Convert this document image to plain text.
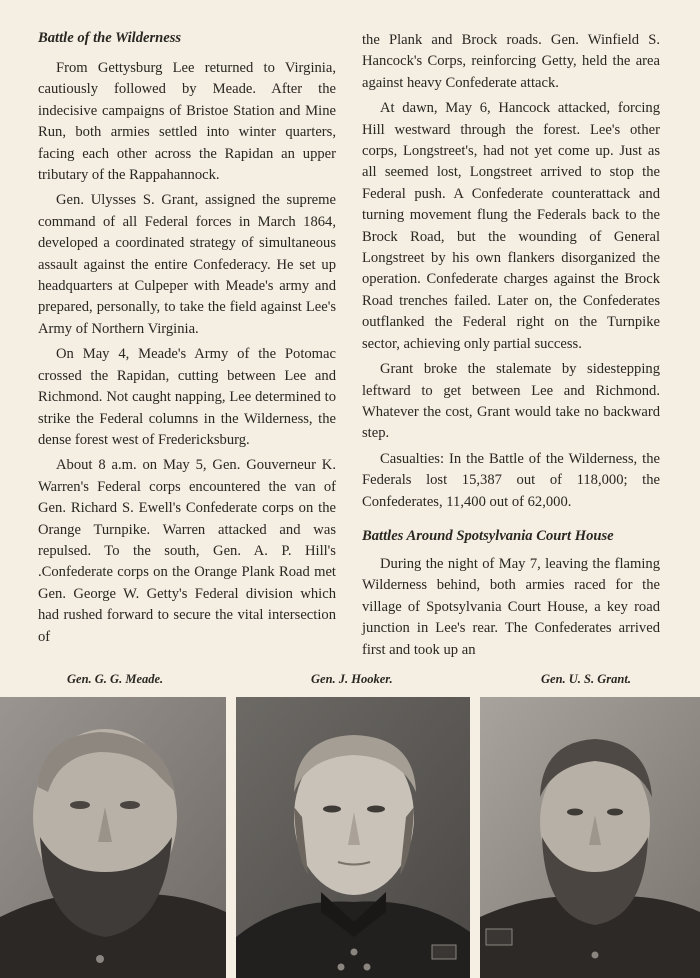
Battle of the Wilderness

From Gettysburg Lee returned to Virginia, cautiously followed by Meade. After the indecisive campaigns of Bristoe Station and Mine Run, both armies settled into winter quarters, facing each other across the Rapidan an upper tributary of the Rappahannock.

Gen. Ulysses S. Grant, assigned the supreme command of all Federal forces in March 1864, developed a coordinated strategy of simultaneous assault against the entire Confederacy. He set up headquarters at Culpeper with Meade's army and prepared, personally, to take the field against Lee's Army of Northern Virginia.

On May 4, Meade's Army of the Potomac crossed the Rapidan, cutting between Lee and Richmond. Not caught napping, Lee determined to strike the Federal columns in the Wilderness, the dense forest west of Fredericksburg.

About 8 a.m. on May 5, Gen. Gouverneur K. Warren's Federal corps encountered the van of Gen. Richard S. Ewell's Confederate corps on the Orange Turnpike. Warren attacked and was repulsed. To the south, Gen. A. P. Hill's .Confederate corps on the Orange Plank Road met Gen. George W. Getty's Federal division which had rushed forward to secure the vital intersection of

the Plank and Brock roads. Gen. Winfield S. Hancock's Corps, reinforcing Getty, held the area against heavy Confederate attack.

At dawn, May 6, Hancock attacked, forcing Hill westward through the forest. Lee's other corps, Longstreet's, had not yet come up. Just as all seemed lost, Longstreet arrived to stop the Federal push. A Confederate counterattack and turning movement flung the Federals back to the Brock Road, but the wounding of General Longstreet by his own flankers disorganized the operation. Confederate charges against the Brock Road trenches failed. Later on, the Confederates outflanked the Federal right on the Turnpike sector, achieving only partial success.

Grant broke the stalemate by sidestepping leftward to get between Lee and Richmond. Whatever the cost, Grant would take no backward step.

Casualties: In the Battle of the Wilderness, the Federals lost 15,387 out of 118,000; the Confederates, 11,400 out of 62,000.

Battles Around Spotsylvania Court House

During the night of May 7, leaving the flaming Wilderness behind, both armies raced for the village of Spotsylvania Court House, a key road junction in Lee's rear. The Confederates arrived first and took up an

Gen. G. G. Meade.	Gen. J. Hooker.	Gen. U. S. Grant.
